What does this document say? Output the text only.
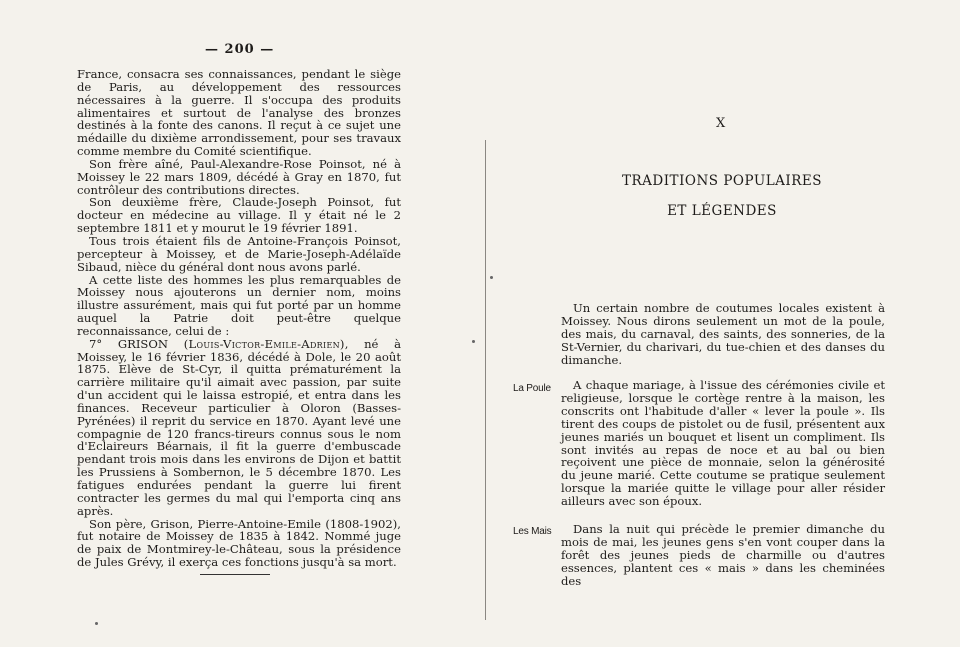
— 200 —

France, consacra ses connaissances, pendant le siège de Paris, au développement des ressources nécessaires à la guerre. Il s'occupa des produits alimentaires et surtout de l'analyse des bronzes destinés à la fonte des canons. Il reçut à ce sujet une médaille du dixième arrondissement, pour ses travaux comme membre du Comité scientifique.

Son frère aîné, Paul-Alexandre-Rose Poinsot, né à Moissey le 22 mars 1809, décédé à Gray en 1870, fut contrôleur des contributions directes.

Son deuxième frère, Claude-Joseph Poinsot, fut docteur en médecine au village. Il y était né le 2 septembre 1811 et y mourut le 19 février 1891.

Tous trois étaient fils de Antoine-François Poinsot, percepteur à Moissey, et de Marie-Joseph-Adélaïde Sibaud, nièce du général dont nous avons parlé.

A cette liste des hommes les plus remarquables de Moissey nous ajouterons un dernier nom, moins illustre assurément, mais qui fut porté par un homme auquel la Patrie doit peut-être quelque reconnaissance, celui de :

7° GRISON (Louis-Victor-Emile-Adrien), né à Moissey, le 16 février 1836, décédé à Dole, le 20 août 1875. Elève de St-Cyr, il quitta prématurément la carrière militaire qu'il aimait avec passion, par suite d'un accident qui le laissa estropié, et entra dans les finances. Receveur particulier à Oloron (Basses-Pyrénées) il reprit du service en 1870. Ayant levé une compagnie de 120 francs-tireurs connus sous le nom d'Eclaireurs Béarnais, il fit la guerre d'embuscade pendant trois mois dans les environs de Dijon et battit les Prussiens à Sombernon, le 5 décembre 1870. Les fatigues endurées pendant la guerre lui firent contracter les germes du mal qui l'emporta cinq ans après.

Son père, Grison, Pierre-Antoine-Emile (1808-1902), fut notaire de Moissey de 1835 à 1842. Nommé juge de paix de Montmirey-le-Château, sous la présidence de Jules Grévy, il exerça ces fonctions jusqu'à sa mort.

X
TRADITIONS POPULAIRES
ET LÉGENDES

Un certain nombre de coutumes locales existent à Moissey. Nous dirons seulement un mot de la poule, des mais, du carnaval, des saints, des sonneries, de la St-Vernier, du charivari, du tue-chien et des danses du dimanche.

La Poule	A chaque mariage, à l'issue des cérémonies civile et religieuse, lorsque le cortège rentre à la maison, les conscrits ont l'habitude d'aller « lever la poule ». Ils tirent des coups de pistolet ou de fusil, présentent aux jeunes mariés un bouquet et lisent un compliment. Ils sont invités au repas de noce et au bal ou bien reçoivent une pièce de monnaie, selon la générosité du jeune marié. Cette coutume se pratique seulement lorsque la mariée quitte le village pour aller résider ailleurs avec son époux.

Les Mais	Dans la nuit qui précède le premier dimanche du mois de mai, les jeunes gens s'en vont couper dans la forêt des jeunes pieds de charmille ou d'autres essences, plantent ces « mais » dans les cheminées des
